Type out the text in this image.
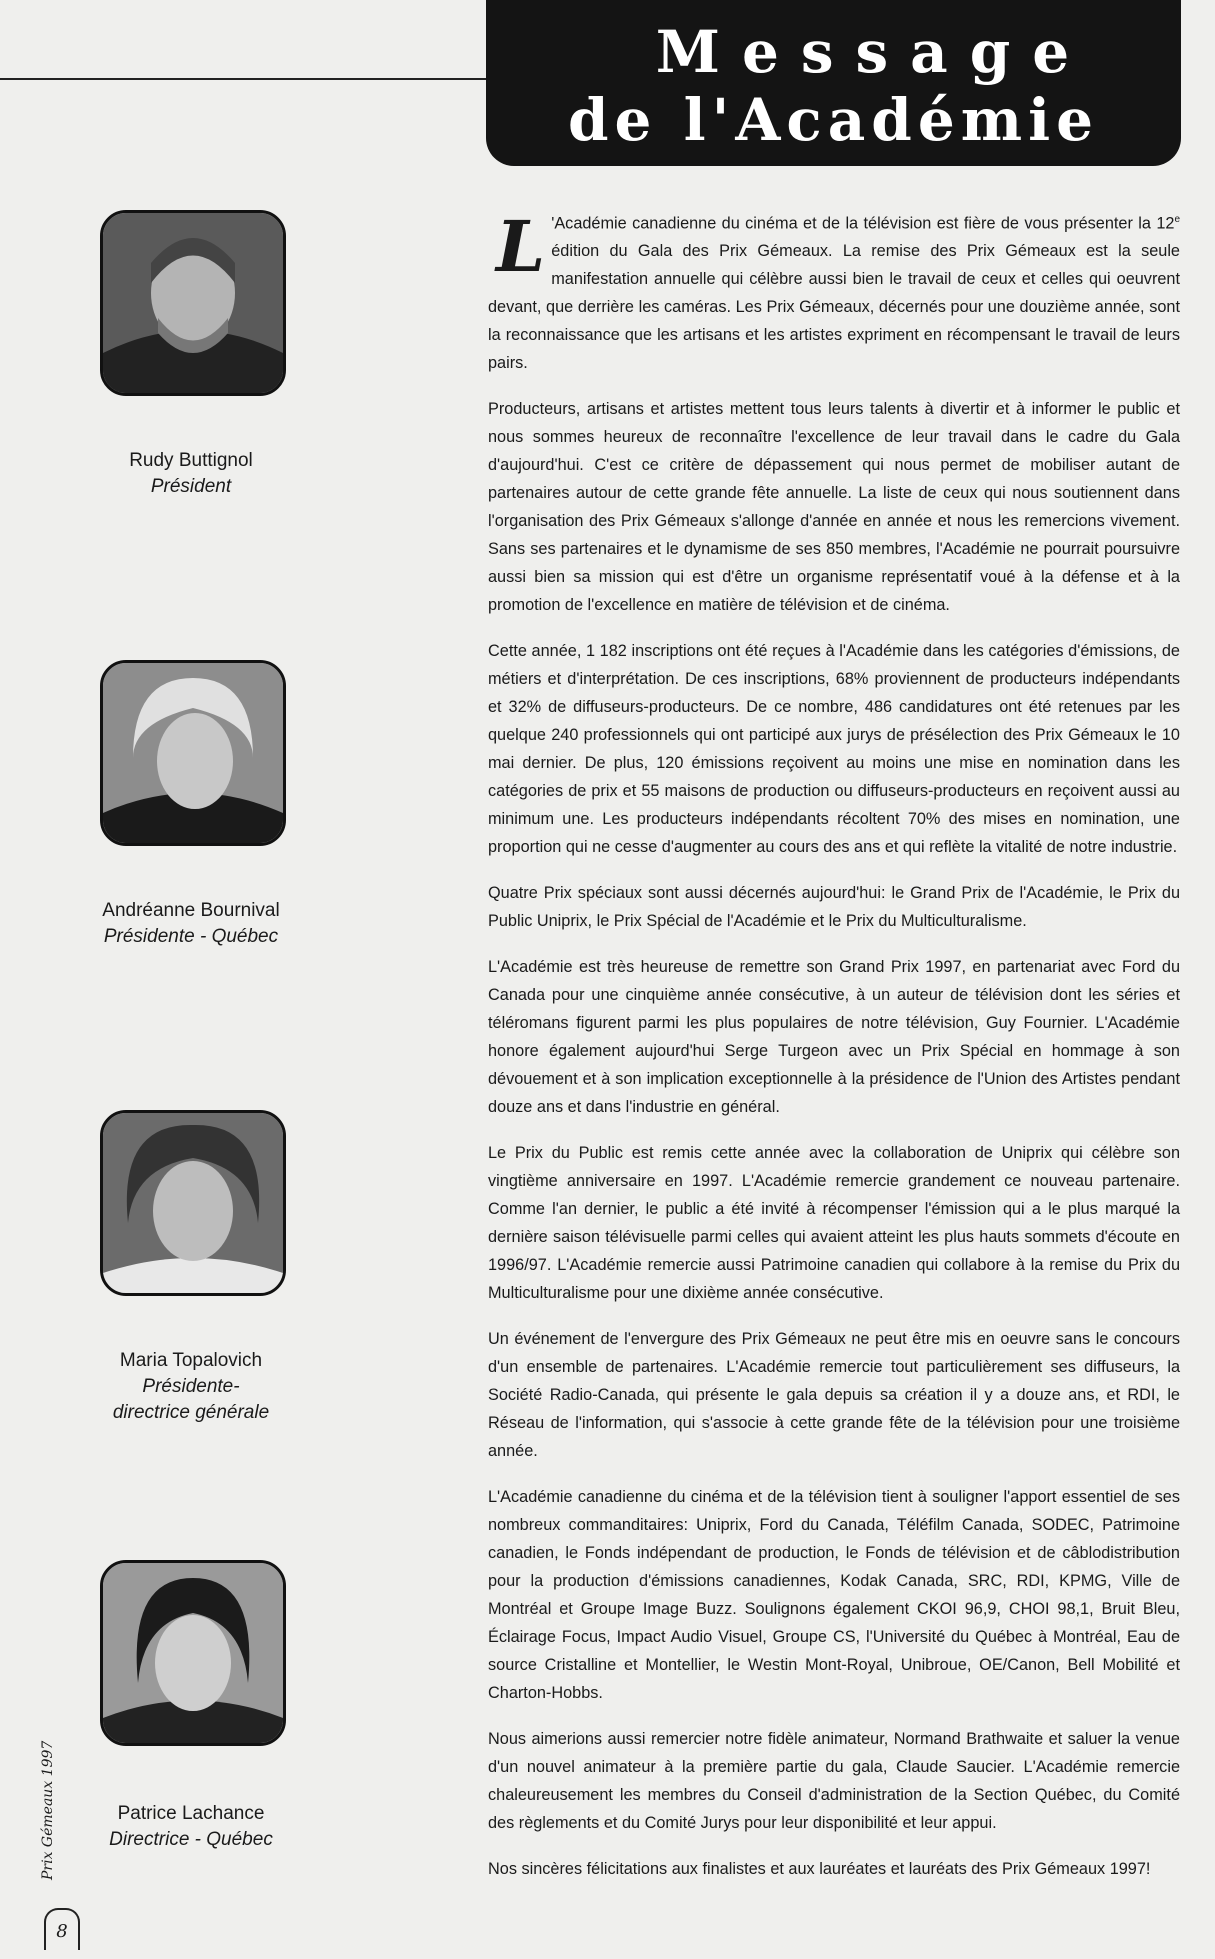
Message
de l'Académie
Rudy Buttignol
Président
Andréanne Bournival
Présidente - Québec
Maria Topalovich
Présidente-
directrice générale
Patrice Lachance
Directrice - Québec
Prix Gémeaux 1997
8

L 'Académie canadienne du cinéma et de la télévision est fière de vous présenter la 12e édition du Gala des Prix Gémeaux. La remise des Prix Gémeaux est la seule manifestation annuelle qui célèbre aussi bien le travail de ceux et celles qui oeuvrent devant, que derrière les caméras. Les Prix Gémeaux, décernés pour une douzième année, sont la reconnaissance que les artisans et les artistes expriment en récompensant le travail de leurs pairs.

Producteurs, artisans et artistes mettent tous leurs talents à divertir et à informer le public et nous sommes heureux de reconnaître l'excellence de leur travail dans le cadre du Gala d'aujourd'hui. C'est ce critère de dépassement qui nous permet de mobiliser autant de partenaires autour de cette grande fête annuelle. La liste de ceux qui nous soutiennent dans l'organisation des Prix Gémeaux s'allonge d'année en année et nous les remercions vivement. Sans ses partenaires et le dynamisme de ses 850 membres, l'Académie ne pourrait poursuivre aussi bien sa mission qui est d'être un organisme représentatif voué à la défense et à la promotion de l'excellence en matière de télévision et de cinéma.

Cette année, 1 182 inscriptions ont été reçues à l'Académie dans les catégories d'émissions, de métiers et d'interprétation. De ces inscriptions, 68% proviennent de producteurs indépendants et 32% de diffuseurs-producteurs. De ce nombre, 486 candidatures ont été retenues par les quelque 240 professionnels qui ont participé aux jurys de présélection des Prix Gémeaux le 10 mai dernier. De plus, 120 émissions reçoivent au moins une mise en nomination dans les catégories de prix et 55 maisons de production ou diffuseurs-producteurs en reçoivent aussi au minimum une. Les producteurs indépendants récoltent 70% des mises en nomination, une proportion qui ne cesse d'augmenter au cours des ans et qui reflète la vitalité de notre industrie.

Quatre Prix spéciaux sont aussi décernés aujourd'hui: le Grand Prix de l'Académie, le Prix du Public Uniprix, le Prix Spécial de l'Académie et le Prix du Multiculturalisme.

L'Académie est très heureuse de remettre son Grand Prix 1997, en partenariat avec Ford du Canada pour une cinquième année consécutive, à un auteur de télévision dont les séries et téléromans figurent parmi les plus populaires de notre télévision, Guy Fournier. L'Académie honore également aujourd'hui Serge Turgeon avec un Prix Spécial en hommage à son dévouement et à son implication exceptionnelle à la présidence de l'Union des Artistes pendant douze ans et dans l'industrie en général.

Le Prix du Public est remis cette année avec la collaboration de Uniprix qui célèbre son vingtième anniversaire en 1997. L'Académie remercie grandement ce nouveau partenaire. Comme l'an dernier, le public a été invité à récompenser l'émission qui a le plus marqué la dernière saison télévisuelle parmi celles qui avaient atteint les plus hauts sommets d'écoute en 1996/97. L'Académie remercie aussi Patrimoine canadien qui collabore à la remise du Prix du Multiculturalisme pour une dixième année consécutive.

Un événement de l'envergure des Prix Gémeaux ne peut être mis en oeuvre sans le concours d'un ensemble de partenaires. L'Académie remercie tout particulièrement ses diffuseurs, la Société Radio-Canada, qui présente le gala depuis sa création il y a douze ans, et RDI, le Réseau de l'information, qui s'associe à cette grande fête de la télévision pour une troisième année.

L'Académie canadienne du cinéma et de la télévision tient à souligner l'apport essentiel de ses nombreux commanditaires: Uniprix, Ford du Canada, Téléfilm Canada, SODEC, Patrimoine canadien, le Fonds indépendant de production, le Fonds de télévision et de câblodistribution pour la production d'émissions canadiennes, Kodak Canada, SRC, RDI, KPMG, Ville de Montréal et Groupe Image Buzz. Soulignons également CKOI 96,9, CHOI 98,1, Bruit Bleu, Éclairage Focus, Impact Audio Visuel, Groupe CS, l'Université du Québec à Montréal, Eau de source Cristalline et Montellier, le Westin Mont-Royal, Unibroue, OE/Canon, Bell Mobilité et Charton-Hobbs.

Nous aimerions aussi remercier notre fidèle animateur, Normand Brathwaite et saluer la venue d'un nouvel animateur à la première partie du gala, Claude Saucier. L'Académie remercie chaleureusement les membres du Conseil d'administration de la Section Québec, du Comité des règlements et du Comité Jurys pour leur disponibilité et leur appui.

Nos sincères félicitations aux finalistes et aux lauréates et lauréats des Prix Gémeaux 1997!
